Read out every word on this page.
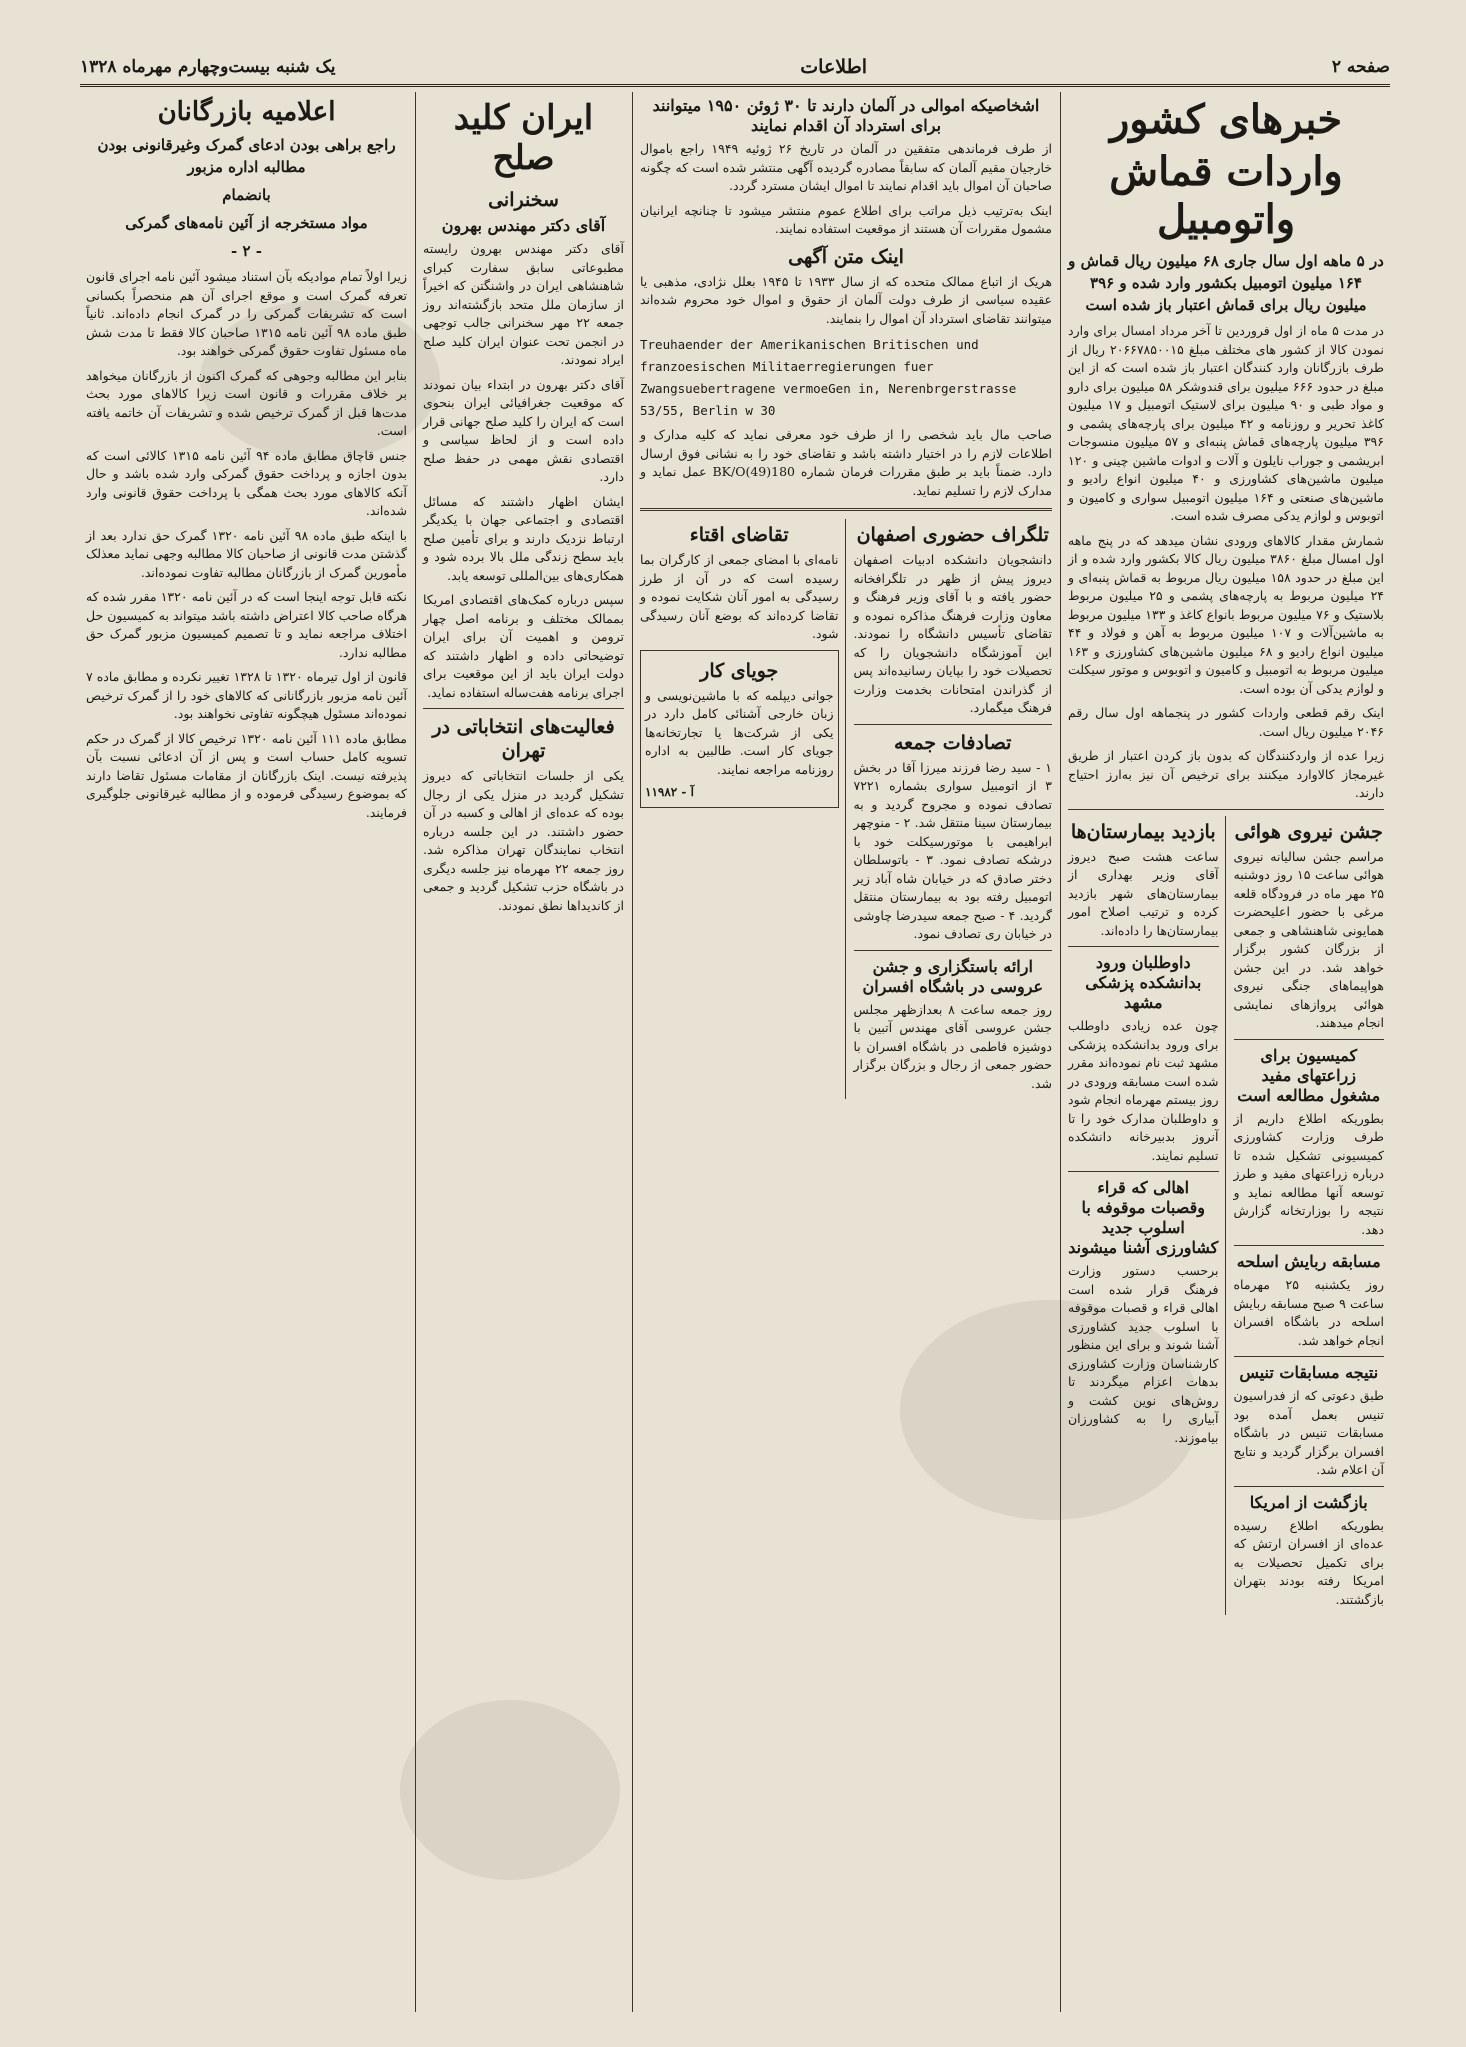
صفحه ۲
اطلاعات
یک شنبه بیست‌وچهارم مهرماه ۱۳۲۸
خبرهای کشور
واردات قماش واتومبیل

در ۵ ماهه اول سال جاری ۶۸ میلیون ریال قماش و ۱۶۴ میلیون اتومبیل بکشور وارد شده و ۳۹۶ میلیون ریال برای قماش اعتبار باز شده است

در مدت ۵ ماه از اول فروردین تا آخر مرداد امسال برای وارد نمودن کالا از کشور های مختلف مبلغ ۲۰۶۶۷۸۵۰۰۱۵ ریال از طرف بازرگانان وارد کنندگان اعتبار باز شده است که از این مبلغ در حدود ۶۶۶ میلیون برای قندوشکر ۵۸ میلیون برای دارو و مواد طبی و ۹۰ میلیون برای لاستیک اتومبیل و ۱۷ میلیون کاغذ تحریر و روزنامه و ۴۲ میلیون برای پارچه‌های پشمی و ۳۹۶ میلیون پارچه‌های قماش پنبه‌ای و ۵۷ میلیون منسوجات ابریشمی و جوراب نایلون و آلات و ادوات ماشین چینی و ۱۲۰ میلیون ماشین‌های کشاورزی و ۴۰ میلیون انواع رادیو و ماشین‌های صنعتی و ۱۶۴ میلیون اتومبیل سواری و کامیون و اتوبوس و لوازم یدکی مصرف شده است.

شمارش مقدار کالاهای ورودی نشان میدهد که در پنج ماهه اول امسال مبلغ ۳۸۶۰ میلیون ریال کالا بکشور وارد شده و از این مبلغ در حدود ۱۵۸ میلیون ریال مربوط به قماش پنبه‌ای و ۲۴ میلیون مربوط به پارچه‌های پشمی و ۲۵ میلیون مربوط بلاستیک و ۷۶ میلیون مربوط بانواع کاغذ و ۱۳۳ میلیون مربوط به ماشین‌آلات و ۱۰۷ میلیون مربوط به آهن و فولاد و ۴۴ میلیون انواع رادیو و ۶۸ میلیون ماشین‌های کشاورزی و ۱۶۳ میلیون مربوط به اتومبیل و کامیون و اتوبوس و موتور سیکلت و لوازم یدکی آن بوده است.

اینک رقم قطعی واردات کشور در پنجماهه اول سال رقم ۲۰۴۶ میلیون ریال است.

زیرا عده از واردکنندگان که بدون باز کردن اعتبار از طریق غیرمجاز کالاوارد میکنند برای ترخیص آن نیز به‌ارز احتیاج دارند.

جشن نیروی هوائی

مراسم جشن سالیانه نیروی هوائی ساعت ۱۵ روز دوشنبه ۲۵ مهر ماه در فرودگاه قلعه مرغی با حضور اعلیحضرت همایونی شاهنشاهی و جمعی از بزرگان کشور برگزار خواهد شد. در این جشن هواپیماهای جنگی نیروی هوائی پروازهای نمایشی انجام میدهند.

کمیسیون برای زراعتهای مفید مشغول مطالعه است

بطوریکه اطلاع داریم از طرف وزارت کشاورزی کمیسیونی تشکیل شده تا درباره زراعتهای مفید و طرز توسعه آنها مطالعه نماید و نتیجه را بوزارتخانه گزارش دهد.

مسابقه ربایش اسلحه

روز یکشنبه ۲۵ مهرماه ساعت ۹ صبح مسابقه ربایش اسلحه در باشگاه افسران انجام خواهد شد.

نتیجه مسابقات تنیس

طبق دعوتی که از فدراسیون تنیس بعمل آمده بود مسابقات تنیس در باشگاه افسران برگزار گردید و نتایج آن اعلام شد.

بازگشت از امریکا

بطوریکه اطلاع رسیده عده‌ای از افسران ارتش که برای تکمیل تحصیلات به امریکا رفته بودند بتهران بازگشتند.

بازدید بیمارستان‌ها

ساعت هشت صبح دیروز آقای وزیر بهداری از بیمارستان‌های شهر بازدید کرده و ترتیب اصلاح امور بیمارستان‌ها را داده‌اند.

داوطلبان ورود بدانشکده پزشکی مشهد

چون عده زیادی داوطلب برای ورود بدانشکده پزشکی مشهد ثبت نام نموده‌اند مقرر شده است مسابقه ورودی در روز بیستم مهرماه انجام شود و داوطلبان مدارک خود را تا آنروز بدبیرخانه دانشکده تسلیم نمایند.

اهالی که قراء وقصبات موقوفه با اسلوب جدید کشاورزی آشنا میشوند

برحسب دستور وزارت فرهنگ قرار شده است اهالی قراء و قصبات موقوفه با اسلوب جدید کشاورزی آشنا شوند و برای این منظور کارشناسان وزارت کشاورزی بدهات اعزام میگردند تا روش‌های نوین کشت و آبیاری را به کشاورزان بیاموزند.

اشخاصیکه اموالی در آلمان دارند تا ۳۰ ژوئن ۱۹۵۰ میتوانند برای استرداد آن اقدام نمایند

از طرف فرماندهی متفقین در آلمان در تاریخ ۲۶ ژوئیه ۱۹۴۹ راجع باموال خارجیان مقیم آلمان که سابقاً مصادره گردیده آگهی منتشر شده است که چگونه صاحبان آن اموال باید اقدام نمایند تا اموال ایشان مسترد گردد.

اینک به‌ترتیب ذیل مراتب برای اطلاع عموم منتشر میشود تا چنانچه ایرانیان مشمول مقررات آن هستند از موقعیت استفاده نمایند.

اینک متن آگهی

هریک از اتباع ممالک متحده که از سال ۱۹۳۳ تا ۱۹۴۵ بعلل نژادی، مذهبی یا عقیده سیاسی از طرف دولت آلمان از حقوق و اموال خود محروم شده‌اند میتوانند تقاضای استرداد آن اموال را بنمایند.

Treuhaender der Amerikanischen Britischen und franzoesischen Militaerregierungen fuer Zwangsuebertragene vermoeGen in, Nerenbrgerstrasse 53/55, Berlin w 30

صاحب مال باید شخصی را از طرف خود معرفی نماید که کلیه مدارک و اطلاعات لازم را در اختیار داشته باشد و تقاضای خود را به نشانی فوق ارسال دارد. ضمناً باید بر طبق مقررات فرمان شماره BK/O(49)180 عمل نماید و مدارک لازم را تسلیم نماید.

تلگراف حضوری اصفهان

دانشجویان دانشکده ادبیات اصفهان دیروز پیش از ظهر در تلگرافخانه حضور یافته و با آقای وزیر فرهنگ و معاون وزارت فرهنگ مذاکره نموده و تقاضای تأسیس دانشگاه را نمودند. این آموزشگاه دانشجویان را که تحصیلات خود را بپایان رسانیده‌اند پس از گذراندن امتحانات بخدمت وزارت فرهنگ میگمارد.

تصادفات جمعه

۱ - سید رضا فرزند میرزا آقا در بخش ۳ از اتومبیل سواری بشماره ۷۲۲۱ تصادف نموده و مجروح گردید و به بیمارستان سینا منتقل شد. ۲ - منوچهر ابراهیمی با موتورسیکلت خود با درشکه تصادف نمود. ۳ - باتوسلطان دختر صادق که در خیابان شاه آباد زیر اتومبیل رفته بود به بیمارستان منتقل گردید. ۴ - صبح جمعه سیدرضا چاوشی در خیابان ری تصادف نمود.

ارائه باستگزاری و جشن عروسی در باشگاه افسران

روز جمعه ساعت ۸ بعدازظهر مجلس جشن عروسی آقای مهندس آتبین با دوشیزه فاطمی در باشگاه افسران با حضور جمعی از رجال و بزرگان برگزار شد.

تقاضای اقتاء

نامه‌ای با امضای جمعی از کارگران بما رسیده است که در آن از طرز رسیدگی به امور آنان شکایت نموده و تقاضا کرده‌اند که بوضع آنان رسیدگی شود.

جویای کار

جوانی دیپلمه که با ماشین‌نویسی و زبان خارجی آشنائی کامل دارد در یکی از شرکت‌ها یا تجارتخانه‌ها جویای کار است. طالبین به اداره روزنامه مراجعه نمایند.

آ - ۱۱۹۸۲

ایران کلید صلح
سخنرانی
آقای دکتر مهندس بهرون

آقای دکتر مهندس بهرون رایسته مطبوعاتی سابق سفارت کبرای شاهنشاهی ایران در واشنگتن که اخیراً از سازمان ملل متحد بازگشته‌اند روز جمعه ۲۲ مهر سخنرانی جالب توجهی در انجمن تحت عنوان ایران کلید صلح ایراد نمودند.

آقای دکتر بهرون در ابتداء بیان نمودند که موقعیت جغرافیائی ایران بنحوی است که ایران را کلید صلح جهانی قرار داده است و از لحاظ سیاسی و اقتصادی نقش مهمی در حفظ صلح دارد.

ایشان اظهار داشتند که مسائل اقتصادی و اجتماعی جهان با یکدیگر ارتباط نزدیک دارند و برای تأمین صلح باید سطح زندگی ملل بالا برده شود و همکاری‌های بین‌المللی توسعه یابد.

سپس درباره کمک‌های اقتصادی امریکا بممالک مختلف و برنامه اصل چهار ترومن و اهمیت آن برای ایران توضیحاتی داده و اظهار داشتند که دولت ایران باید از این موقعیت برای اجرای برنامه هفت‌ساله استفاده نماید.

فعالیت‌های انتخاباتی در تهران

یکی از جلسات انتخاباتی که دیروز تشکیل گردید در منزل یکی از رجال بوده که عده‌ای از اهالی و کسبه در آن حضور داشتند. در این جلسه درباره انتخاب نمایندگان تهران مذاکره شد. روز جمعه ۲۲ مهرماه نیز جلسه دیگری در باشگاه حزب تشکیل گردید و جمعی از کاندیداها نطق نمودند.

اعلامیه بازرگانان

راجع براهی بودن ادعای گمرک وغیرقانونی بودن مطالبه اداره مزبور

بانضمام

مواد مستخرجه از آئین نامه‌های گمرکی

- ۲ -

زیرا اولاً تمام موادیکه بآن استناد میشود آئین نامه اجرای قانون تعرفه گمرک است و موقع اجرای آن هم منحصراً بکسانی است که تشریفات گمرکی را در گمرک انجام داده‌اند. ثانیاً طبق ماده ۹۸ آئین نامه ۱۳۱۵ صاحبان کالا فقط تا مدت شش ماه مسئول تفاوت حقوق گمرکی خواهند بود.

بنابر این مطالبه وجوهی که گمرک اکنون از بازرگانان میخواهد بر خلاف مقررات و قانون است زیرا کالاهای مورد بحث مدت‌ها قبل از گمرک ترخیص شده و تشریفات آن خاتمه یافته است.

جنس قاچاق مطابق ماده ۹۴ آئین نامه ۱۳۱۵ کالائی است که بدون اجازه و پرداخت حقوق گمرکی وارد شده باشد و حال آنکه کالاهای مورد بحث همگی با پرداخت حقوق قانونی وارد شده‌اند.

با اینکه طبق ماده ۹۸ آئین نامه ۱۳۲۰ گمرک حق ندارد بعد از گذشتن مدت قانونی از صاحبان کالا مطالبه وجهی نماید معذلک مأمورین گمرک از بازرگانان مطالبه تفاوت نموده‌اند.

نکته قابل توجه اینجا است که در آئین نامه ۱۳۲۰ مقرر شده که هرگاه صاحب کالا اعتراض داشته باشد میتواند به کمیسیون حل اختلاف مراجعه نماید و تا تصمیم کمیسیون مزبور گمرک حق مطالبه ندارد.

قانون از اول تیرماه ۱۳۲۰ تا ۱۳۲۸ تغییر نکرده و مطابق ماده ۷ آئین نامه مزبور بازرگانانی که کالاهای خود را از گمرک ترخیص نموده‌اند مسئول هیچگونه تفاوتی نخواهند بود.

مطابق ماده ۱۱۱ آئین نامه ۱۳۲۰ ترخیص کالا از گمرک در حکم تسویه کامل حساب است و پس از آن ادعائی نسبت بآن پذیرفته نیست. اینک بازرگانان از مقامات مسئول تقاضا دارند که بموضوع رسیدگی فرموده و از مطالبه غیرقانونی جلوگیری فرمایند.
